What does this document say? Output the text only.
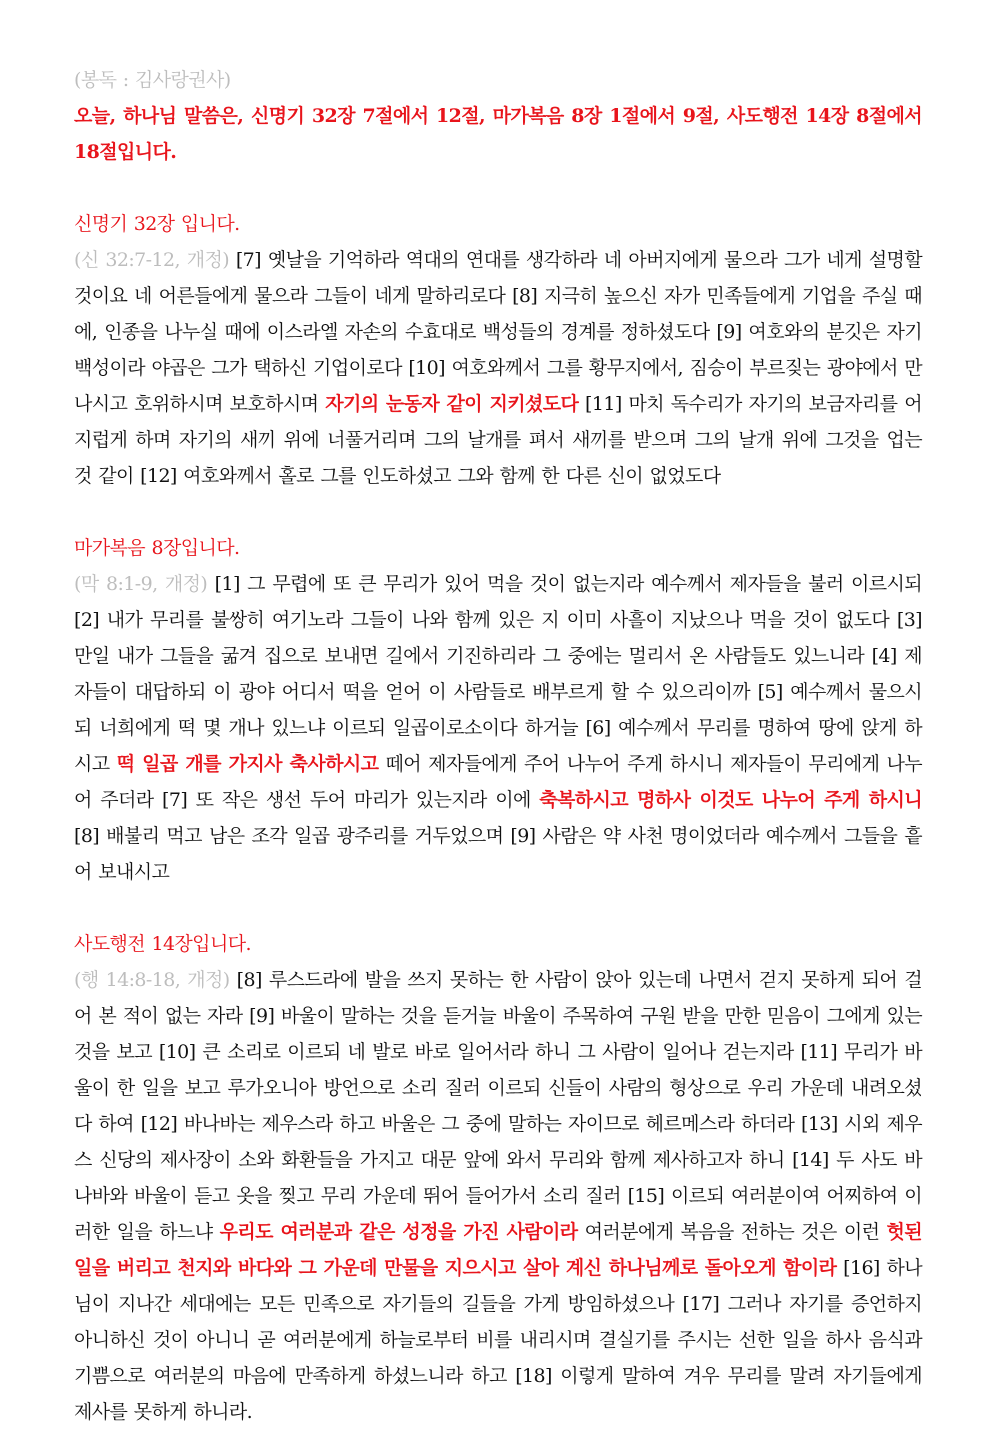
(봉독 : 김사랑권사)

오늘, 하나님 말씀은, 신명기 32장 7절에서 12절, 마가복음 8장 1절에서 9절, 사도행전 14장 8절에서 18절입니다.

신명기 32장 입니다.

(신 32:7-12, 개정) [7] 옛날을 기억하라 역대의 연대를 생각하라 네 아버지에게 물으라 그가 네게 설명할 것이요 네 어른들에게 물으라 그들이 네게 말하리로다 [8] 지극히 높으신 자가 민족들에게 기업을 주실 때에, 인종을 나누실 때에 이스라엘 자손의 수효대로 백성들의 경계를 정하셨도다 [9] 여호와의 분깃은 자기 백성이라 야곱은 그가 택하신 기업이로다 [10] 여호와께서 그를 황무지에서, 짐승이 부르짖는 광야에서 만나시고 호위하시며 보호하시며 자기의 눈동자 같이 지키셨도다 [11] 마치 독수리가 자기의 보금자리를 어지럽게 하며 자기의 새끼 위에 너풀거리며 그의 날개를 펴서 새끼를 받으며 그의 날개 위에 그것을 업는 것 같이 [12] 여호와께서 홀로 그를 인도하셨고 그와 함께 한 다른 신이 없었도다

마가복음 8장입니다.

(막 8:1-9, 개정) [1] 그 무렵에 또 큰 무리가 있어 먹을 것이 없는지라 예수께서 제자들을 불러 이르시되 [2] 내가 무리를 불쌍히 여기노라 그들이 나와 함께 있은 지 이미 사흘이 지났으나 먹을 것이 없도다 [3] 만일 내가 그들을 굶겨 집으로 보내면 길에서 기진하리라 그 중에는 멀리서 온 사람들도 있느니라 [4] 제자들이 대답하되 이 광야 어디서 떡을 얻어 이 사람들로 배부르게 할 수 있으리이까 [5] 예수께서 물으시되 너희에게 떡 몇 개나 있느냐 이르되 일곱이로소이다 하거늘 [6] 예수께서 무리를 명하여 땅에 앉게 하시고 떡 일곱 개를 가지사 축사하시고 떼어 제자들에게 주어 나누어 주게 하시니 제자들이 무리에게 나누어 주더라 [7] 또 작은 생선 두어 마리가 있는지라 이에 축복하시고 명하사 이것도 나누어 주게 하시니 [8] 배불리 먹고 남은 조각 일곱 광주리를 거두었으며 [9] 사람은 약 사천 명이었더라 예수께서 그들을 흩어 보내시고

사도행전 14장입니다.

(행 14:8-18, 개정) [8] 루스드라에 발을 쓰지 못하는 한 사람이 앉아 있는데 나면서 걷지 못하게 되어 걸어 본 적이 없는 자라 [9] 바울이 말하는 것을 듣거늘 바울이 주목하여 구원 받을 만한 믿음이 그에게 있는 것을 보고 [10] 큰 소리로 이르되 네 발로 바로 일어서라 하니 그 사람이 일어나 걷는지라 [11] 무리가 바울이 한 일을 보고 루가오니아 방언으로 소리 질러 이르되 신들이 사람의 형상으로 우리 가운데 내려오셨다 하여 [12] 바나바는 제우스라 하고 바울은 그 중에 말하는 자이므로 헤르메스라 하더라 [13] 시외 제우스 신당의 제사장이 소와 화환들을 가지고 대문 앞에 와서 무리와 함께 제사하고자 하니 [14] 두 사도 바나바와 바울이 듣고 옷을 찢고 무리 가운데 뛰어 들어가서 소리 질러 [15] 이르되 여러분이여 어찌하여 이러한 일을 하느냐 우리도 여러분과 같은 성정을 가진 사람이라 여러분에게 복음을 전하는 것은 이런 헛된 일을 버리고 천지와 바다와 그 가운데 만물을 지으시고 살아 계신 하나님께로 돌아오게 함이라 [16] 하나님이 지나간 세대에는 모든 민족으로 자기들의 길들을 가게 방임하셨으나 [17] 그러나 자기를 증언하지 아니하신 것이 아니니 곧 여러분에게 하늘로부터 비를 내리시며 결실기를 주시는 선한 일을 하사 음식과 기쁨으로 여러분의 마음에 만족하게 하셨느니라 하고 [18] 이렇게 말하여 겨우 무리를 말려 자기들에게 제사를 못하게 하니라.
